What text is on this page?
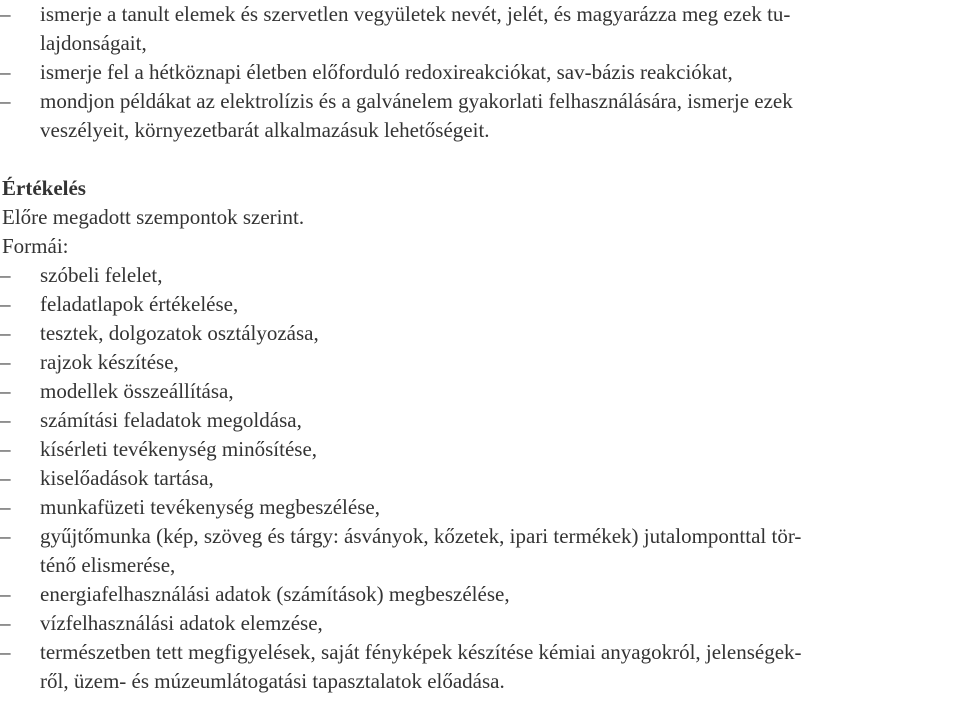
–	ismerje a tanult elemek és szervetlen vegyületek nevét, jelét, és magyarázza meg ezek tu-
lajdonságait,
–	ismerje fel a hétköznapi életben előforduló redoxireakciókat, sav-bázis reakciókat,
–	mondjon példákat az elektrolízis és a galvánelem gyakorlati felhasználására, ismerje ezek
veszélyeit, környezetbarát alkalmazásuk lehetőségeit.
Értékelés
Előre megadott szempontok szerint.
Formái:
–	szóbeli felelet,
–	feladatlapok értékelése,
–	tesztek, dolgozatok osztályozása,
–	rajzok készítése,
–	modellek összeállítása,
–	számítási feladatok megoldása,
–	kísérleti tevékenység minősítése,
–	kiselőadások tartása,
–	munkafüzeti tevékenység megbeszélése,
–	gyűjtőmunka (kép, szöveg és tárgy: ásványok, kőzetek, ipari termékek) jutalomponttal tör-
ténő elismerése,
–	energiafelhasználási adatok (számítások) megbeszélése,
–	vízfelhasználási adatok elemzése,
–	természetben tett megfigyelések, saját fényképek készítése kémiai anyagokról, jelenségek-
ről, üzem- és múzeumlátogatási tapasztalatok előadása.
